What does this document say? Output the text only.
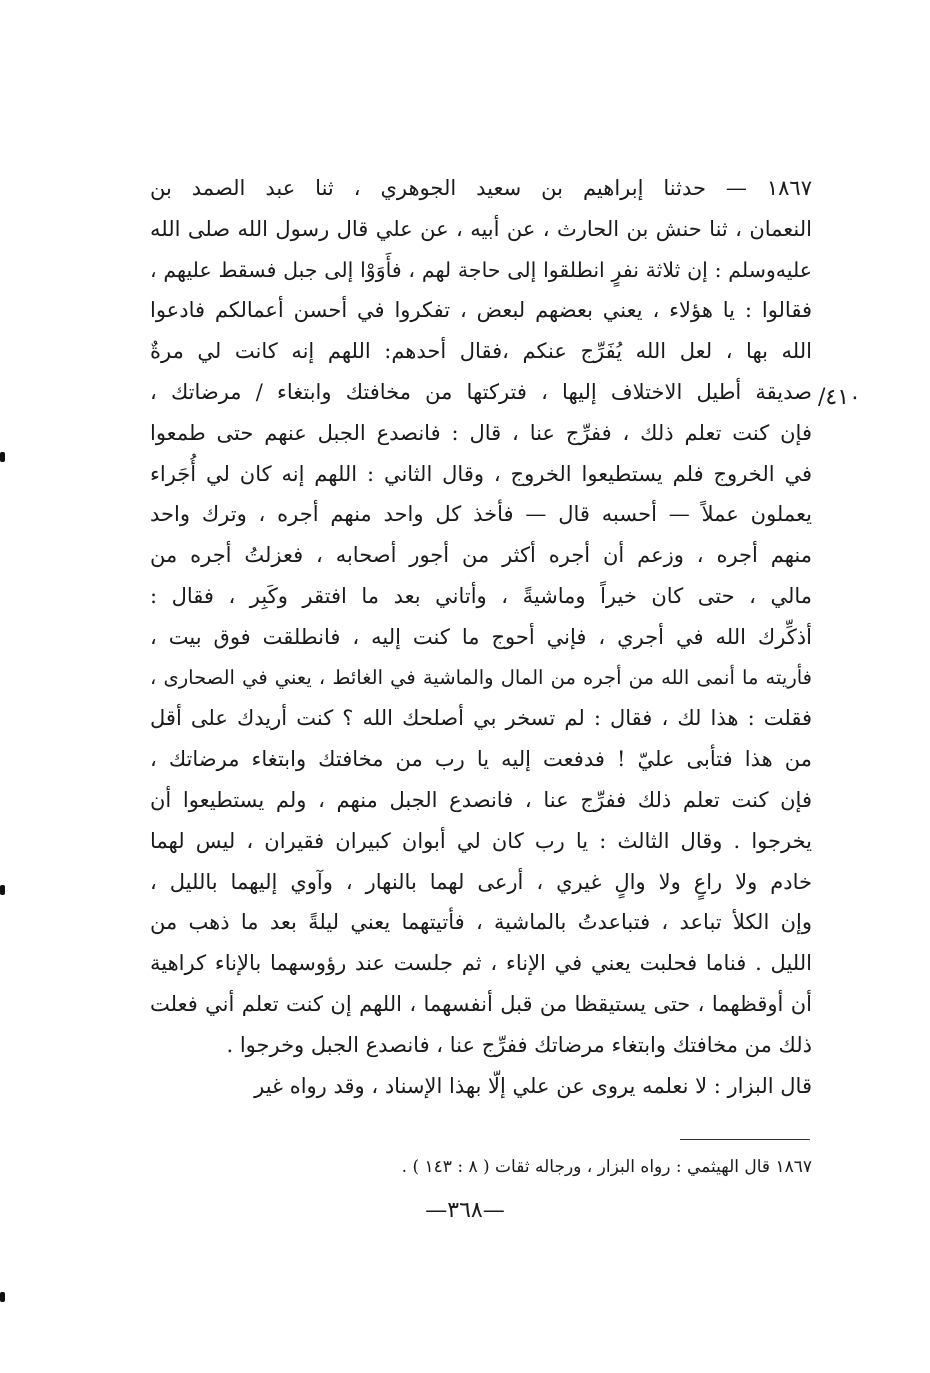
٤١٠/
١٨٦٧ — حدثنا إبراهيم بن سعيد الجوهري ، ثنا عبد الصمد بن
النعمان ، ثنا حنش بن الحارث ، عن أبيه ، عن علي قال رسول الله صلى الله
عليه‌وسلم : إن ثلاثة نفرٍ انطلقوا إلى حاجة لهم ، فأَوَوْا إلى جبل فسقط عليهم ،
فقالوا : يا هؤلاء ، يعني بعضهم لبعض ، تفكروا في أحسن أعمالكم فادعوا
الله بها ، لعل الله يُفَرِّج عنكم ،فقال أحدهم: اللهم إنه كانت لي مرةٌ
صديقة أطيل الاختلاف إليها ، فتركتها من مخافتك وابتغاء / مرضاتك ،
فإن كنت تعلم ذلك ، ففرِّج عنا ، قال : فانصدع الجبل عنهم حتى طمعوا
في الخروج فلم يستطيعوا الخروج ، وقال الثاني : اللهم إنه كان لي أُجَراء
يعملون عملاً — أحسبه قال — فأخذ كل واحد منهم أجره ، وترك واحد
منهم أجره ، وزعم أن أجره أكثر من أجور أصحابه ، فعزلتُ أجره من
مالي ، حتى كان خيراً وماشيةً ، وأتاني بعد ما افتقر وكَبِر ، فقال :
أذكِّرك الله في أجري ، فإني أحوج ما كنت إليه ، فانطلقت فوق بيت ،
فأريته ما أنمى الله من أجره من المال والماشية في الغائط ، يعني في الصحارى ،
فقلت : هذا لك ، فقال : لم تسخر بي أصلحك الله ؟ كنت أريدك على أقل
من هذا فتأبى عليّ ! فدفعت إليه يا رب من مخافتك وابتغاء مرضاتك ،
فإن كنت تعلم ذلك ففرِّج عنا ، فانصدع الجبل منهم ، ولم يستطيعوا أن
يخرجوا . وقال الثالث : يا رب كان لي أبوان كبيران فقيران ، ليس لهما
خادم ولا راعٍ ولا والٍ غيري ، أرعى لهما بالنهار ، وآوي إليهما بالليل ،
وإن الكلأ تباعد ، فتباعدتُ بالماشية ، فأتيتهما يعني ليلةً بعد ما ذهب من
الليل . فناما فحلبت يعني في الإناء ، ثم جلست عند رؤوسهما بالإناء كراهية
أن أوقظهما ، حتى يستيقظا من قبل أنفسهما ، اللهم إن كنت تعلم أني فعلت
ذلك من مخافتك وابتغاء مرضاتك ففرِّج عنا ، فانصدع الجبل وخرجوا .
قال البزار : لا نعلمه يروى عن علي إلّا بهذا الإسناد ، وقد رواه غير
١٨٦٧ قال الهيثمي : رواه البزار ، ورجاله ثقات ( ٨ : ١٤٣ ) .
—٣٦٨—
